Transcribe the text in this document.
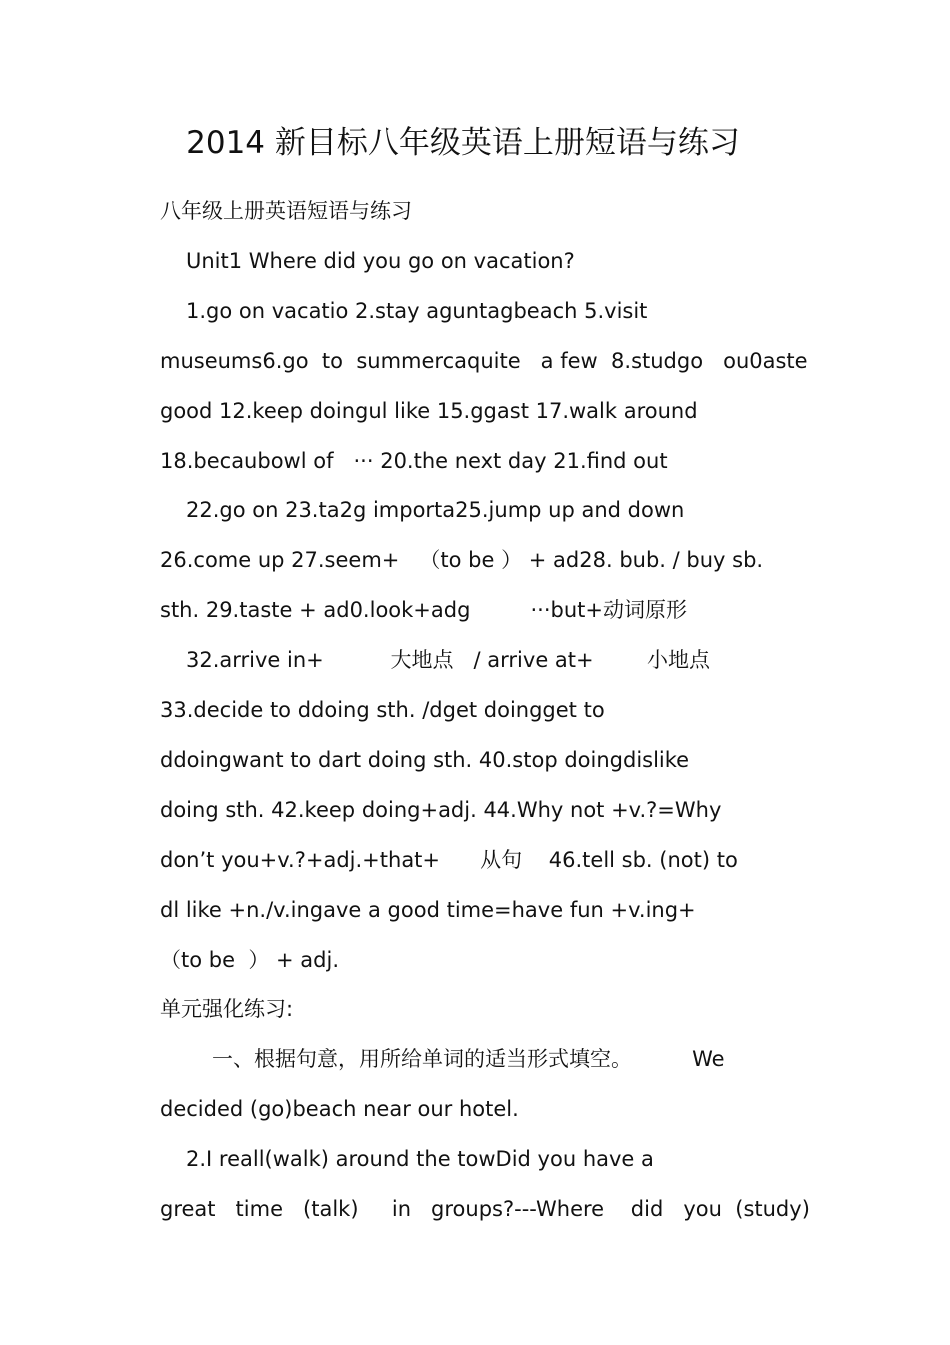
2014 新目标八年级英语上册短语与练习

八年级上册英语短语与练习

Unit1 Where did you go on vacation?

1.go on vacatio 2.stay aguntagbeach 5.visit

museums6.go  to  summercaquite   a few  8.studgo   ou0aste

good 12.keep doingul like 15.ggast 17.walk around

18.becaubowl of   ··· 20.the next day 21.find out

22.go on 23.ta2g importa25.jump up and down

26.come up 27.seem+   （to be ） + ad28. bub. / buy sb.

sth. 29.taste + ad0.look+adg         ···but+动词原形

32.arrive in+          大地点   / arrive at+        小地点

33.decide to ddoing sth. /dget doingget to

ddoingwant to dart doing sth. 40.stop doingdislike

doing sth. 42.keep doing+adj. 44.Why not +v.?=Why

don’t you+v.?+adj.+that+      从句    46.tell sb. (not) to

dl like +n./v.ingave a good time=have fun +v.ing+

（to be  ） + adj.

单元强化练习:

一、根据句意，用所给单词的适当形式填空。         We

decided (go)beach near our hotel.

2.I reall(walk) around the towDid you have a

great   time   (talk)     in   groups?---Where    did   you  (study)
